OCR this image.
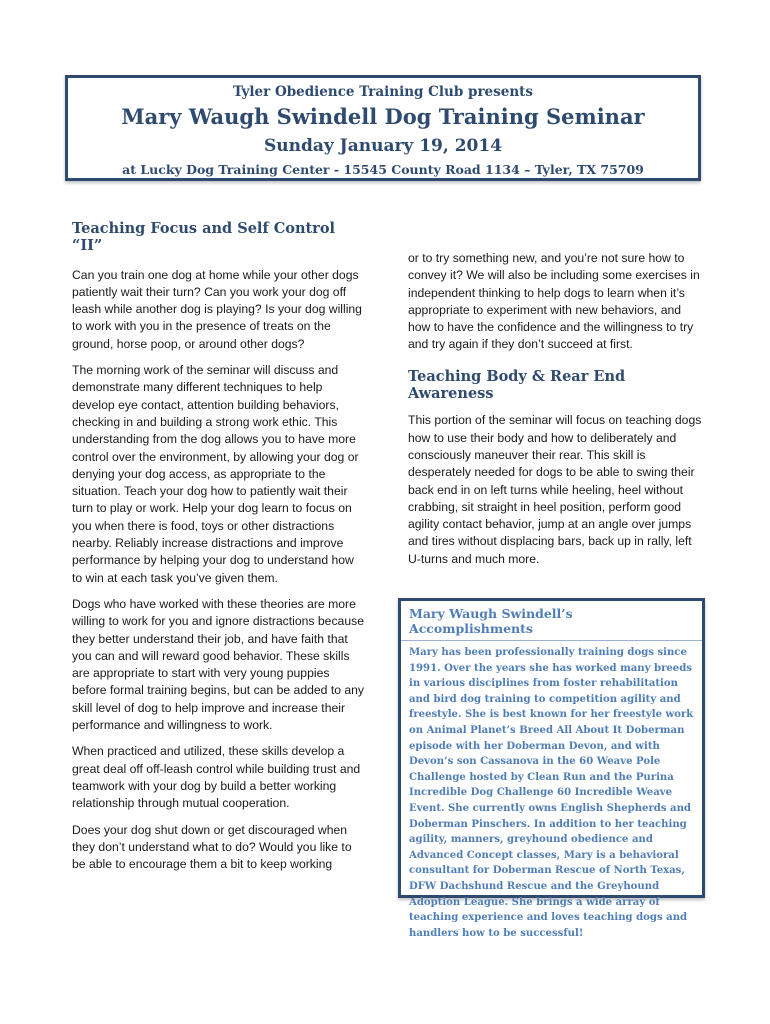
Tyler Obedience Training Club presents
Mary Waugh Swindell Dog Training Seminar
Sunday January 19, 2014
at Lucky Dog Training Center - 15545 County Road 1134 – Tyler, TX 75709
Teaching Focus and Self Control “II”

Can you train one dog at home while your other dogs patiently wait their turn? Can you work your dog off leash while another dog is playing? Is your dog willing to work with you in the presence of treats on the ground, horse poop, or around other dogs?

The morning work of the seminar will discuss and demonstrate many different techniques to help develop eye contact, attention building behaviors, checking in and building a strong work ethic. This understanding from the dog allows you to have more control over the environment, by allowing your dog or denying your dog access, as appropriate to the situation. Teach your dog how to patiently wait their turn to play or work. Help your dog learn to focus on you when there is food, toys or other distractions nearby. Reliably increase distractions and improve performance by helping your dog to understand how to win at each task you’ve given them.

Dogs who have worked with these theories are more willing to work for you and ignore distractions because they better understand their job, and have faith that you can and will reward good behavior. These skills are appropriate to start with very young puppies before formal training begins, but can be added to any skill level of dog to help improve and increase their performance and willingness to work.

When practiced and utilized, these skills develop a great deal off off-leash control while building trust and teamwork with your dog by build a better working relationship through mutual cooperation.

Does your dog shut down or get discouraged when they don’t understand what to do? Would you like to be able to encourage them a bit to keep working

or to try something new, and you’re not sure how to convey it? We will also be including some exercises in independent thinking to help dogs to learn when it’s appropriate to experiment with new behaviors, and how to have the confidence and the willingness to try and try again if they don’t succeed at first.

Teaching Body & Rear End Awareness

This portion of the seminar will focus on teaching dogs how to use their body and how to deliberately and consciously maneuver their rear. This skill is desperately needed for dogs to be able to swing their back end in on left turns while heeling, heel without crabbing, sit straight in heel position, perform good agility contact behavior, jump at an angle over jumps and tires without displacing bars, back up in rally, left U-turns and much more.

Mary Waugh Swindell’s Accomplishments
Mary has been professionally training dogs since 1991. Over the years she has worked many breeds in various disciplines from foster rehabilitation and bird dog training to competition agility and freestyle. She is best known for her freestyle work on Animal Planet’s Breed All About It Doberman episode with her Doberman Devon, and with Devon’s son Cassanova in the 60 Weave Pole Challenge hosted by Clean Run and the Purina Incredible Dog Challenge 60 Incredible Weave Event. She currently owns English Shepherds and Doberman Pinschers. In addition to her teaching agility, manners, greyhound obedience and Advanced Concept classes, Mary is a behavioral consultant for Doberman Rescue of North Texas, DFW Dachshund Rescue and the Greyhound Adoption League. She brings a wide array of teaching experience and loves teaching dogs and handlers how to be successful!
